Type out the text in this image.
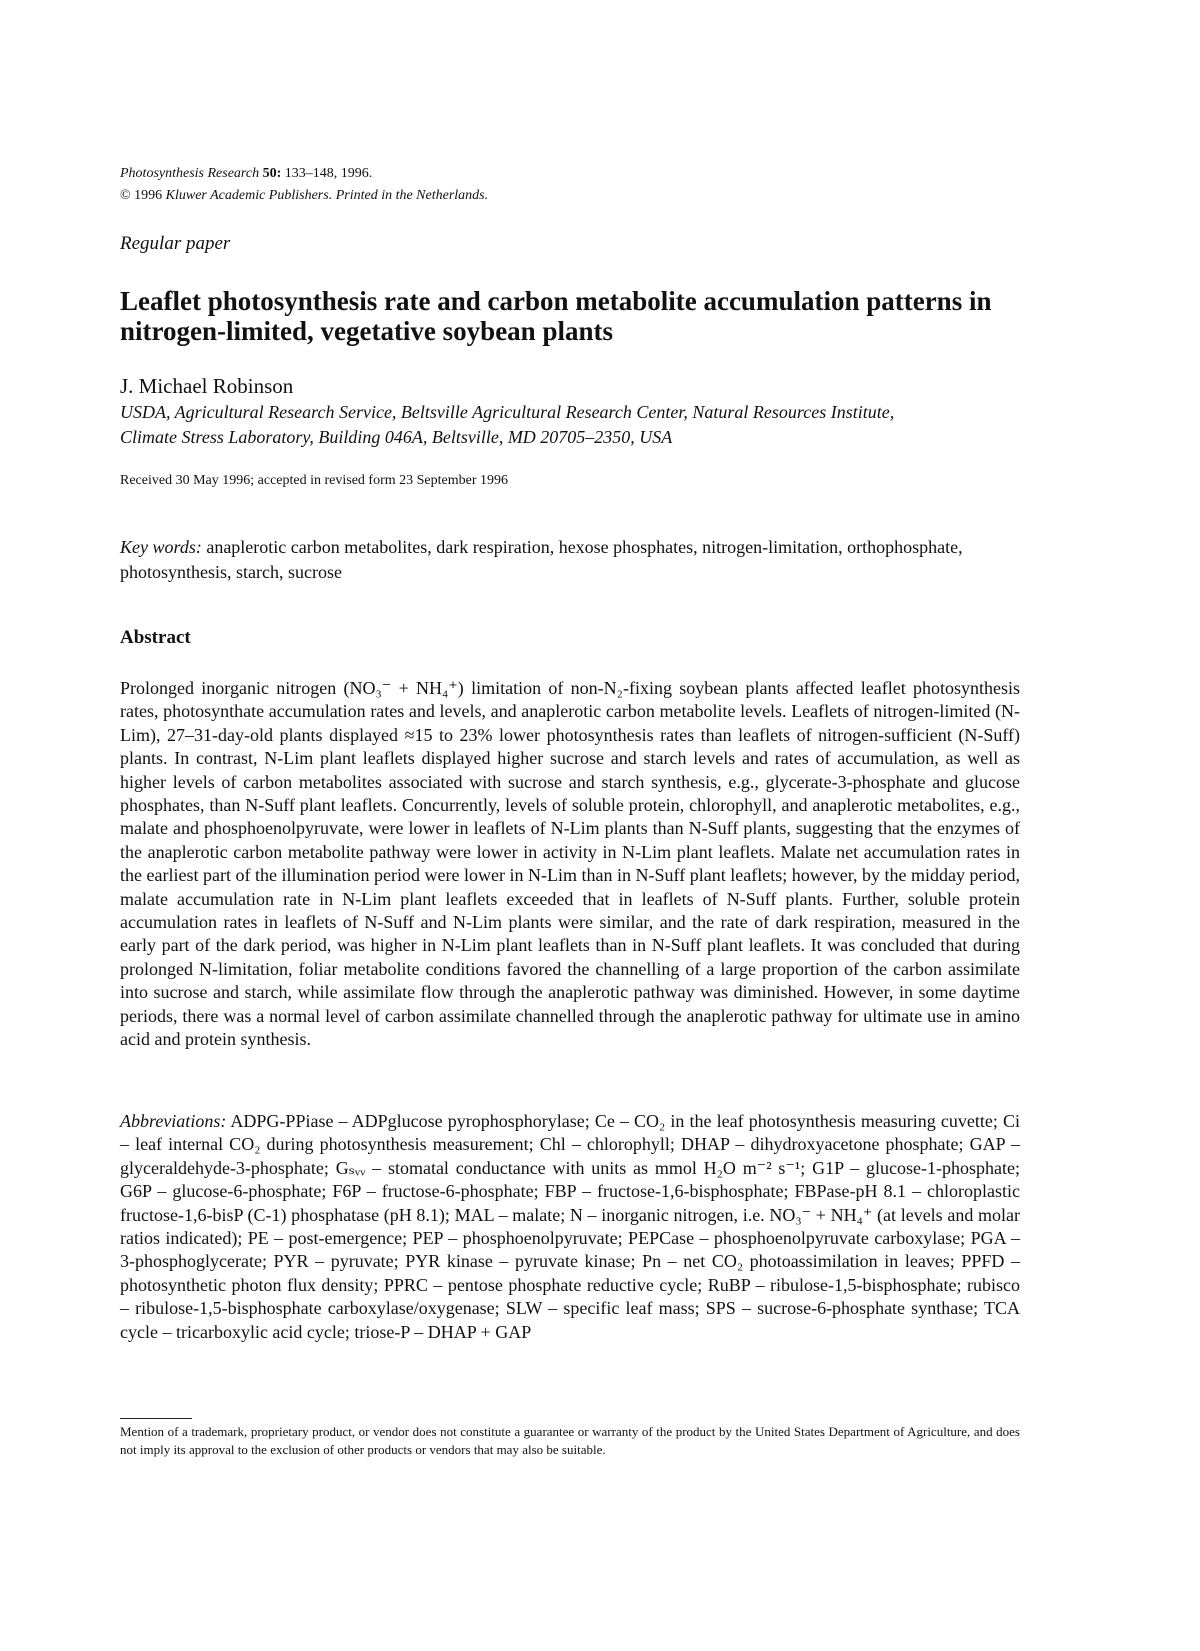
Photosynthesis Research 50: 133–148, 1996.
© 1996 Kluwer Academic Publishers. Printed in the Netherlands.
Regular paper
Leaflet photosynthesis rate and carbon metabolite accumulation patterns in nitrogen-limited, vegetative soybean plants
J. Michael Robinson
USDA, Agricultural Research Service, Beltsville Agricultural Research Center, Natural Resources Institute,
Climate Stress Laboratory, Building 046A, Beltsville, MD 20705–2350, USA
Received 30 May 1996; accepted in revised form 23 September 1996
Key words: anaplerotic carbon metabolites, dark respiration, hexose phosphates, nitrogen-limitation, orthophosphate, photosynthesis, starch, sucrose
Abstract

Prolonged inorganic nitrogen (NO₃⁻ + NH₄⁺) limitation of non-N₂-fixing soybean plants affected leaflet photosynthesis rates, photosynthate accumulation rates and levels, and anaplerotic carbon metabolite levels. Leaflets of nitrogen-limited (N-Lim), 27–31-day-old plants displayed ≈15 to 23% lower photosynthesis rates than leaflets of nitrogen-sufficient (N-Suff) plants. In contrast, N-Lim plant leaflets displayed higher sucrose and starch levels and rates of accumulation, as well as higher levels of carbon metabolites associated with sucrose and starch synthesis, e.g., glycerate-3-phosphate and glucose phosphates, than N-Suff plant leaflets. Concurrently, levels of soluble protein, chlorophyll, and anaplerotic metabolites, e.g., malate and phosphoenolpyruvate, were lower in leaflets of N-Lim plants than N-Suff plants, suggesting that the enzymes of the anaplerotic carbon metabolite pathway were lower in activity in N-Lim plant leaflets. Malate net accumulation rates in the earliest part of the illumination period were lower in N-Lim than in N-Suff plant leaflets; however, by the midday period, malate accumulation rate in N-Lim plant leaflets exceeded that in leaflets of N-Suff plants. Further, soluble protein accumulation rates in leaflets of N-Suff and N-Lim plants were similar, and the rate of dark respiration, measured in the early part of the dark period, was higher in N-Lim plant leaflets than in N-Suff plant leaflets. It was concluded that during prolonged N-limitation, foliar metabolite conditions favored the channelling of a large proportion of the carbon assimilate into sucrose and starch, while assimilate flow through the anaplerotic pathway was diminished. However, in some daytime periods, there was a normal level of carbon assimilate channelled through the anaplerotic pathway for ultimate use in amino acid and protein synthesis.

Abbreviations: ADPG-PPiase – ADPglucose pyrophosphorylase; Ce – CO₂ in the leaf photosynthesis measuring cuvette; Ci – leaf internal CO₂ during photosynthesis measurement; Chl – chlorophyll; DHAP – dihydroxyacetone phosphate; GAP – glyceraldehyde-3-phosphate; Gₛᵥᵥ – stomatal conductance with units as mmol H₂O m⁻² s⁻¹; G1P – glucose-1-phosphate; G6P – glucose-6-phosphate; F6P – fructose-6-phosphate; FBP – fructose-1,6-bisphosphate; FBPase-pH 8.1 – chloroplastic fructose-1,6-bisP (C-1) phosphatase (pH 8.1); MAL – malate; N – inorganic nitrogen, i.e. NO₃⁻ + NH₄⁺ (at levels and molar ratios indicated); PE – post-emergence; PEP – phosphoenolpyruvate; PEPCase – phosphoenolpyruvate carboxylase; PGA – 3-phosphoglycerate; PYR – pyruvate; PYR kinase – pyruvate kinase; Pn – net CO₂ photoassimilation in leaves; PPFD – photosynthetic photon flux density; PPRC – pentose phosphate reductive cycle; RuBP – ribulose-1,5-bisphosphate; rubisco – ribulose-1,5-bisphosphate carboxylase/oxygenase; SLW – specific leaf mass; SPS – sucrose-6-phosphate synthase; TCA cycle – tricarboxylic acid cycle; triose-P – DHAP + GAP

Mention of a trademark, proprietary product, or vendor does not constitute a guarantee or warranty of the product by the United States Department of Agriculture, and does not imply its approval to the exclusion of other products or vendors that may also be suitable.
